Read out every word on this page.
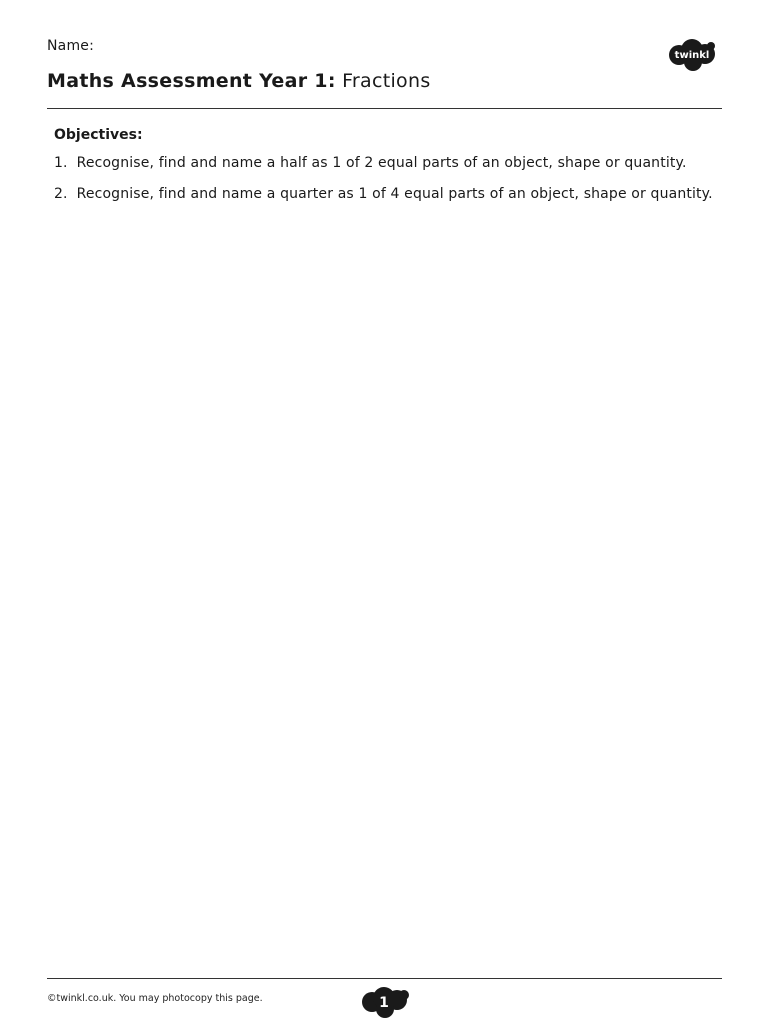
Name:
Maths Assessment Year 1: Fractions
twinkl
Objectives:
1. Recognise, find and name a half as 1 of 2 equal parts of an object, shape or quantity.
2. Recognise, find and name a quarter as 1 of 4 equal parts of an object, shape or quantity.
©twinkl.co.uk. You may photocopy this page.	1
